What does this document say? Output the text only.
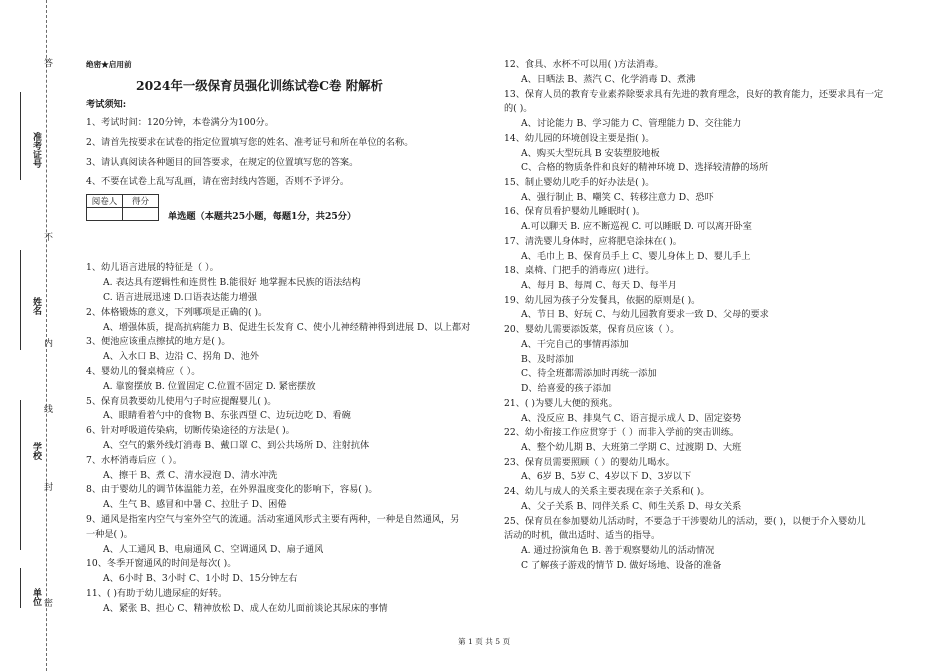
准考证号
姓名
学校
单位
答
不
内
线
封
密
绝密★启用前
2024年一级保育员强化训练试卷C卷 附解析
考试须知:
1、考试时间：120分钟，本卷满分为100分。
2、请首先按要求在试卷的指定位置填写您的姓名、准考证号和所在单位的名称。
3、请认真阅读各种题目的回答要求，在规定的位置填写您的答案。
4、不要在试卷上乱写乱画，请在密封线内答题，否则不予评分。
阅卷人	得分

单选题（本题共25小题，每题1分，共25分）
1、幼儿语言进展的特征是（ ）。
A. 表达具有逻辑性和连贯性 B.能很好 地掌握本民族的语法结构
C. 语言进展迅速 D.口语表达能力增强
2、体格锻炼的意义，下列哪项是正确的( )。
A、增强体质，提高抗病能力 B、促进生长发育 C、使小儿神经精神得到进展 D、以上都对
3、便池应该重点擦拭的地方是( )。
A、入水口 B、边沿 C、拐角 D、池外
4、婴幼儿的餐桌椅应（ ）。
A. 靠窗摆放 B. 位置固定 C.位置不固定 D. 紧密摆放
5、保育员教要幼儿使用勺子时应提醒婴儿( )。
A、眼睛看着勺中的食物 B、东张西望 C、边玩边吃 D、看碗
6、针对呼吸道传染病，切断传染途径的方法是( )。
A、空气的紫外线灯消毒 B、戴口罩 C、到公共场所 D、注射抗体
7、水杯消毒后应（ ）。
A、擦干 B、煮 C、清水浸泡 D、清水冲洗
8、由于婴幼儿的调节体温能力差，在外界温度变化的影响下，容易( )。
A、生气 B、感冒和中暑 C、拉肚子 D、困倦
9、通风是指室内空气与室外空气的流通。活动室通风形式主要有两种，一种是自然通风，另
一种是( )。
A、人工通风 B、电扇通风 C、空调通风 D、扇子通风
10、冬季开窗通风的时间是每次( )。
A、6小时 B、3小时 C、1小时 D、15分钟左右
11、( )有助于幼儿遗尿症的好转。
A、紧张 B、担心 C、精神放松 D、成人在幼儿面前谈论其尿床的事情
12、食具、水杯不可以用( )方法消毒。
A、日晒法 B、蒸汽 C、化学消毒 D、煮沸
13、保育人员的教育专业素养除要求具有先进的教育理念，良好的教育能力，还要求具有一定
的( )。
A、讨论能力 B、学习能力 C、管理能力 D、交往能力
14、幼儿园的环境创设主要是指( )。
A、购买大型玩具 B 安装塑胶地板
C、合格的物质条件和良好的精神环境 D、选择较清静的场所
15、制止婴幼儿吃手的好办法是( )。
A、强行制止 B、嘲笑 C、转移注意力 D、恐吓
16、保育员看护婴幼儿睡眠时( )。
A.可以聊天 B. 应不断巡视 C. 可以睡眠 D. 可以离开卧室
17、清洗婴儿身体时，应将肥皂涂抹在( )。
A、毛巾上 B、保育员手上 C、婴儿身体上 D、婴儿手上
18、桌椅、门把手的消毒应( )进行。
A、每月 B、每周 C、每天 D、每半月
19、幼儿园为孩子分发餐具，依据的原则是( )。
A、节日 B、好玩 C、与幼儿园教育要求一致 D、父母的要求
20、婴幼儿需要添饭菜，保育员应该（ ）。
A、干完自己的事情再添加
B、及时添加
C、待全班都需添加时再统一添加
D、给喜爱的孩子添加
21、( )为婴儿大便的预兆。
A、没反应 B、排臭气 C、语言提示成人 D、固定姿势
22、幼小衔接工作应贯穿于（ ）而非入学前的突击训练。
A、整个幼儿期 B、大班第二学期 C、过渡期 D、大班
23、保育员需要照顾（ ）的婴幼儿喝水。
A、6岁 B、5岁 C、4岁以下 D、3岁以下
24、幼儿与成人的关系主要表现在亲子关系和( )。
A、父子关系 B、同伴关系 C、师生关系 D、母女关系
25、保育员在参加婴幼儿活动时，不要急于干涉婴幼儿的活动，要( )，以便于介入婴幼儿
活动的时机，做出适时、适当的指导。
A. 通过扮演角色 B. 善于观察婴幼儿的活动情况
C 了解孩子游戏的情节 D. 做好场地、设备的准备
第 1 页 共 5 页
